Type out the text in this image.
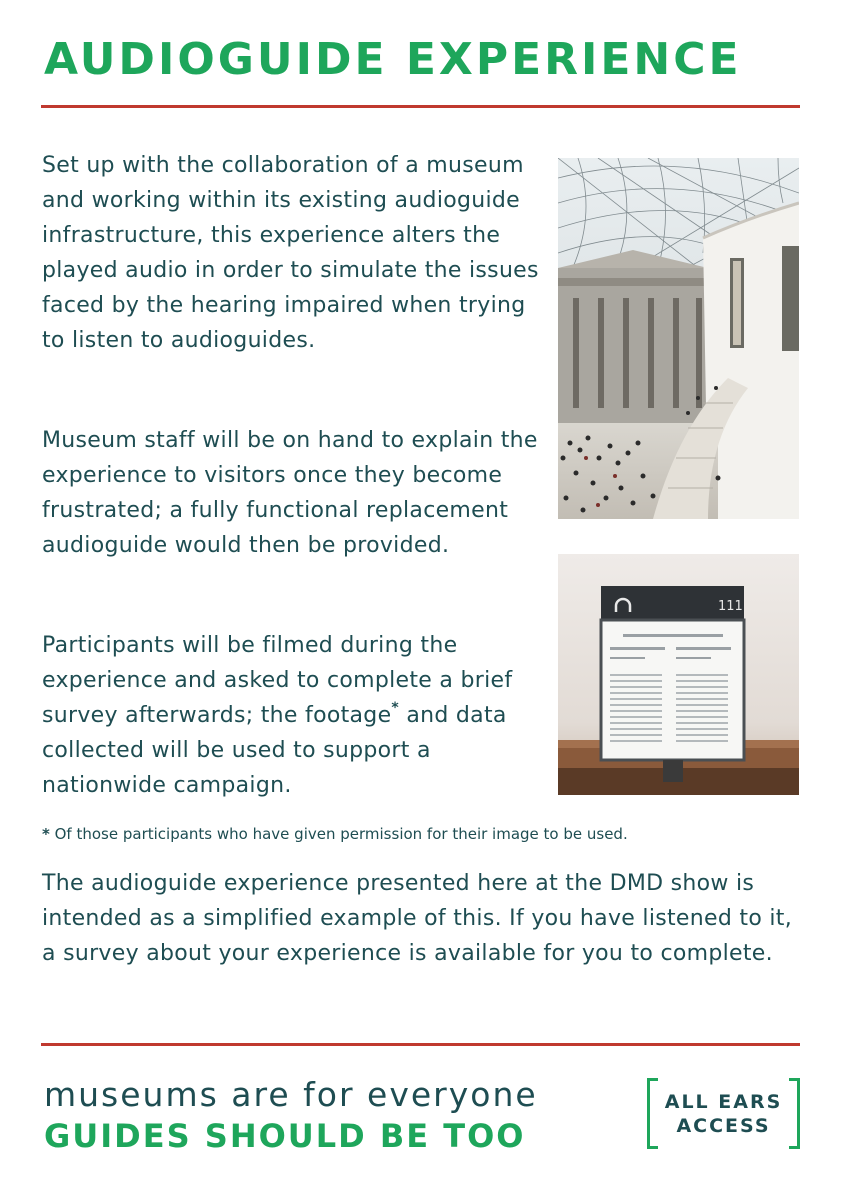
AUDIOGUIDE EXPERIENCE

Set up with the collaboration of a museum and working within its existing audioguide infrastructure, this experience alters the played audio in order to simulate the issues faced by the hearing impaired when trying to listen to audioguides.

Museum staff will be on hand to explain the experience to visitors once they become frustrated; a fully functional replacement audioguide would then be provided.

Participants will be filmed during the experience and asked to complete a brief survey afterwards; the footage* and data collected will be used to support a nationwide campaign.

111

* Of those participants who have given permission for their image to be used.

The audioguide experience presented here at the DMD show is intended as a simplified example of this. If you have listened to it, a survey about your experience is available for you to complete.

museums are for everyone

GUIDES SHOULD BE TOO

ALL EARS
ACCESS
